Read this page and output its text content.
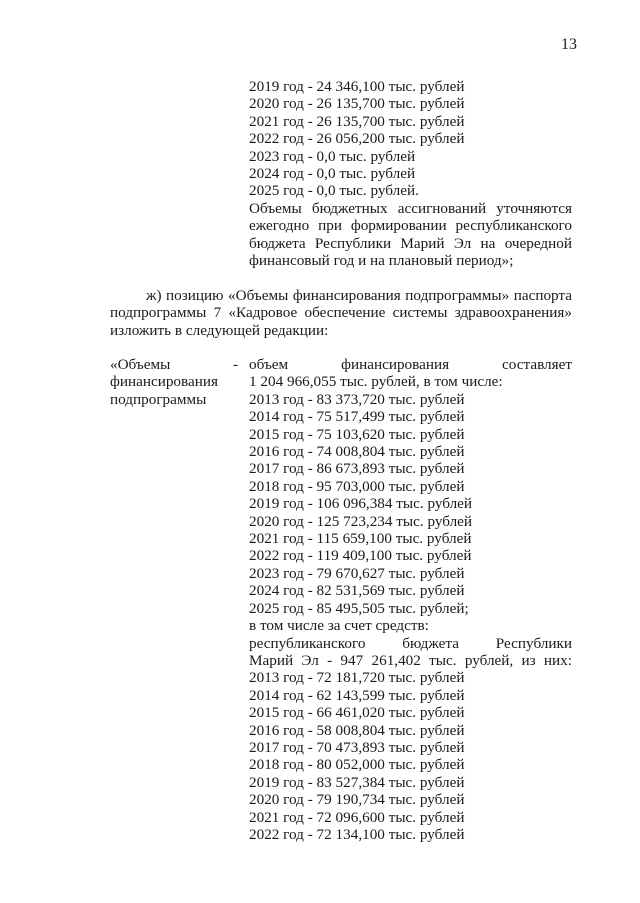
13
2019 год - 24 346,100 тыс. рублей
2020 год - 26 135,700 тыс. рублей
2021 год - 26 135,700 тыс. рублей
2022 год - 26 056,200 тыс. рублей
2023 год - 0,0 тыс. рублей
2024 год - 0,0 тыс. рублей
2025 год - 0,0 тыс. рублей.
Объемы бюджетных ассигнований уточняются
ежегодно при формировании республиканского
бюджета Республики Марий Эл на очередной
финансовый год и на плановый период»;
ж) позицию «Объемы финансирования подпрограммы» паспорта
подпрограммы 7 «Кадровое обеспечение системы здравоохранения»
изложить в следующей редакции:
«Объемы	-
финансирования
подпрограммы
объем финансирования составляет
1 204 966,055 тыс. рублей, в том числе:
2013 год - 83 373,720 тыс. рублей
2014 год - 75 517,499 тыс. рублей
2015 год - 75 103,620 тыс. рублей
2016 год - 74 008,804 тыс. рублей
2017 год - 86 673,893 тыс. рублей
2018 год - 95 703,000 тыс. рублей
2019 год - 106 096,384 тыс. рублей
2020 год - 125 723,234 тыс. рублей
2021 год - 115 659,100 тыс. рублей
2022 год - 119 409,100 тыс. рублей
2023 год - 79 670,627 тыс. рублей
2024 год - 82 531,569 тыс. рублей
2025 год - 85 495,505 тыс. рублей;
в том числе за счет средств:
республиканского бюджета Республики
Марий Эл - 947 261,402 тыс. рублей, из них:
2013 год - 72 181,720 тыс. рублей
2014 год - 62 143,599 тыс. рублей
2015 год - 66 461,020 тыс. рублей
2016 год - 58 008,804 тыс. рублей
2017 год - 70 473,893 тыс. рублей
2018 год - 80 052,000 тыс. рублей
2019 год - 83 527,384 тыс. рублей
2020 год - 79 190,734 тыс. рублей
2021 год - 72 096,600 тыс. рублей
2022 год - 72 134,100 тыс. рублей
